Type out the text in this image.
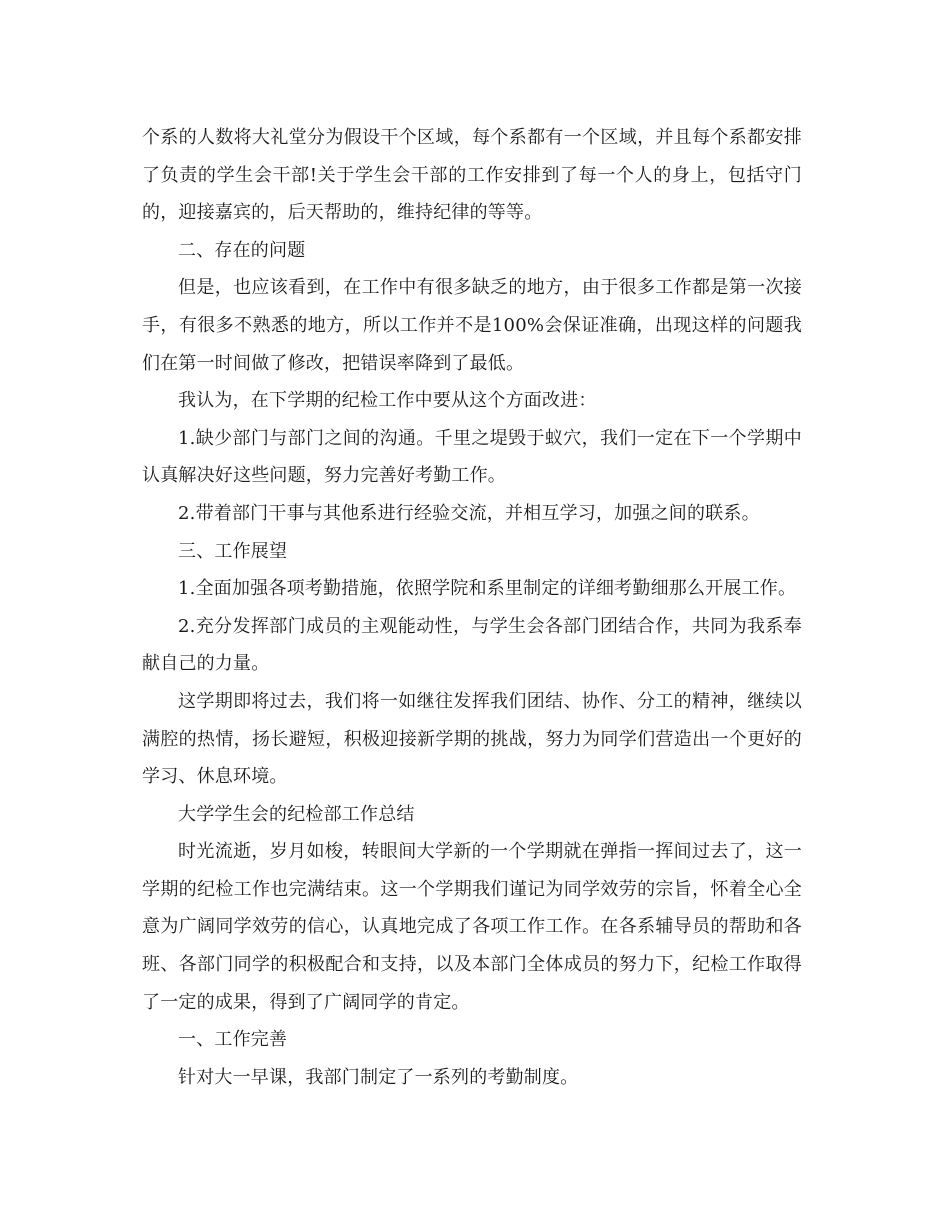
个系的人数将大礼堂分为假设干个区域，每个系都有一个区域，并且每个系都安排了负责的学生会干部!关于学生会干部的工作安排到了每一个人的身上，包括守门的，迎接嘉宾的，后天帮助的，维持纪律的等等。

二、存在的问题

但是，也应该看到，在工作中有很多缺乏的地方，由于很多工作都是第一次接手，有很多不熟悉的地方，所以工作并不是100%会保证准确，出现这样的问题我们在第一时间做了修改，把错误率降到了最低。

我认为，在下学期的纪检工作中要从这个方面改进：

1.缺少部门与部门之间的沟通。千里之堤毁于蚁穴，我们一定在下一个学期中认真解决好这些问题，努力完善好考勤工作。

2.带着部门干事与其他系进行经验交流，并相互学习，加强之间的联系。

三、工作展望

1.全面加强各项考勤措施，依照学院和系里制定的详细考勤细那么开展工作。

2.充分发挥部门成员的主观能动性，与学生会各部门团结合作，共同为我系奉献自己的力量。

这学期即将过去，我们将一如继往发挥我们团结、协作、分工的精神，继续以满腔的热情，扬长避短，积极迎接新学期的挑战，努力为同学们营造出一个更好的学习、休息环境。

大学学生会的纪检部工作总结

时光流逝，岁月如梭，转眼间大学新的一个学期就在弹指一挥间过去了，这一学期的纪检工作也完满结束。这一个学期我们谨记为同学效劳的宗旨，怀着全心全意为广阔同学效劳的信心，认真地完成了各项工作工作。在各系辅导员的帮助和各班、各部门同学的积极配合和支持，以及本部门全体成员的努力下，纪检工作取得了一定的成果，得到了广阔同学的肯定。

一、工作完善

针对大一早课，我部门制定了一系列的考勤制度。
